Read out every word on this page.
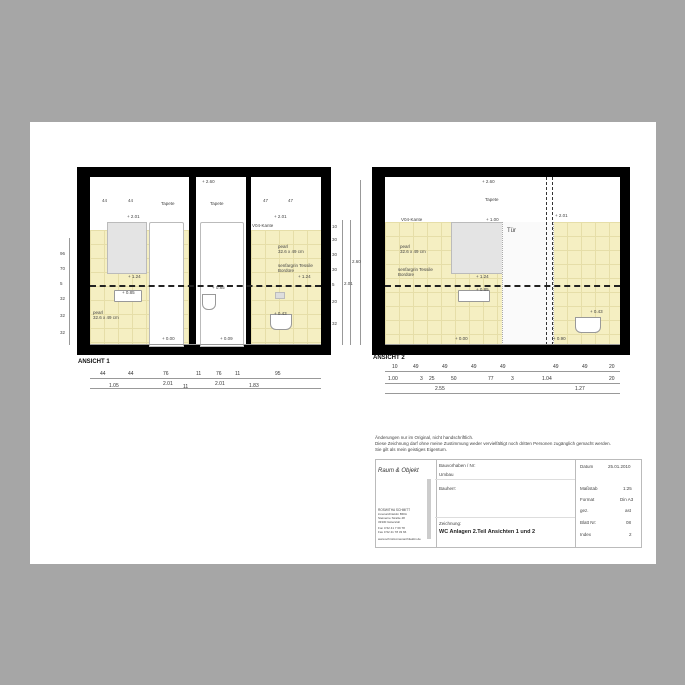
+ 2.60
Tapete	Tapete
44	44	47	47
+ 2.01	+ 2.01
V04-Kante
pearl
32.6 x 49 cm
senfargrin Tessile
Bordüre
+ 1.24	+ 1.24
+ 0.85
+ 0.85
pearl
32.6 x 49 cm
+ 0.43
+ 0.00	+ 0.09
96
70
5
32
32
32
10
30
30
30
5
20
32
2.01
2.60
ANSICHT 1
44	44	76	11	76	11	95
1.05	2.01 11	2.01	1.83
+ 2.60
Tapete
+ 2.01
V04-Kante	+ 1.00
Tür
pearl
32.6 x 49 cm
senfargrin Tessile
Bordüre	+ 1.24
+ 0.85
+ 0.43
+ 0.00	+ 0.90
ANSICHT 2
10	49	49	49	49	49	49	20
1.00	3 25	50	77	3	1.04	20
2.55	1.27
Änderungen nur im Original, nicht handschriftlich.
Diese Zeichnung darf ohne meine Zustimmung weder vervielfältigt noch dritten Personen zugänglich gemacht werden.
Sie gilt als mein geistiges Eigentum.
Raum & Objekt
ROSWITHA SCHMITT
innenarchitektin BDIA
Steinerne Straße 48
33330 Gütersloh
Fon 0 52 41 7 69 78
Fax 0 52 41 78 33 66
www.schmitt-innenarchitektin.de
Bauvorhaben / Nr:
Umbau
Bauherr:
Zeichnung:
WC Anlagen 2.Teil Ansichten 1 und 2
Datum	25.01.2010
Maßstab	1:25
Format	Din A3
gez.	ast
Blatt Nr:	08
Index	2
